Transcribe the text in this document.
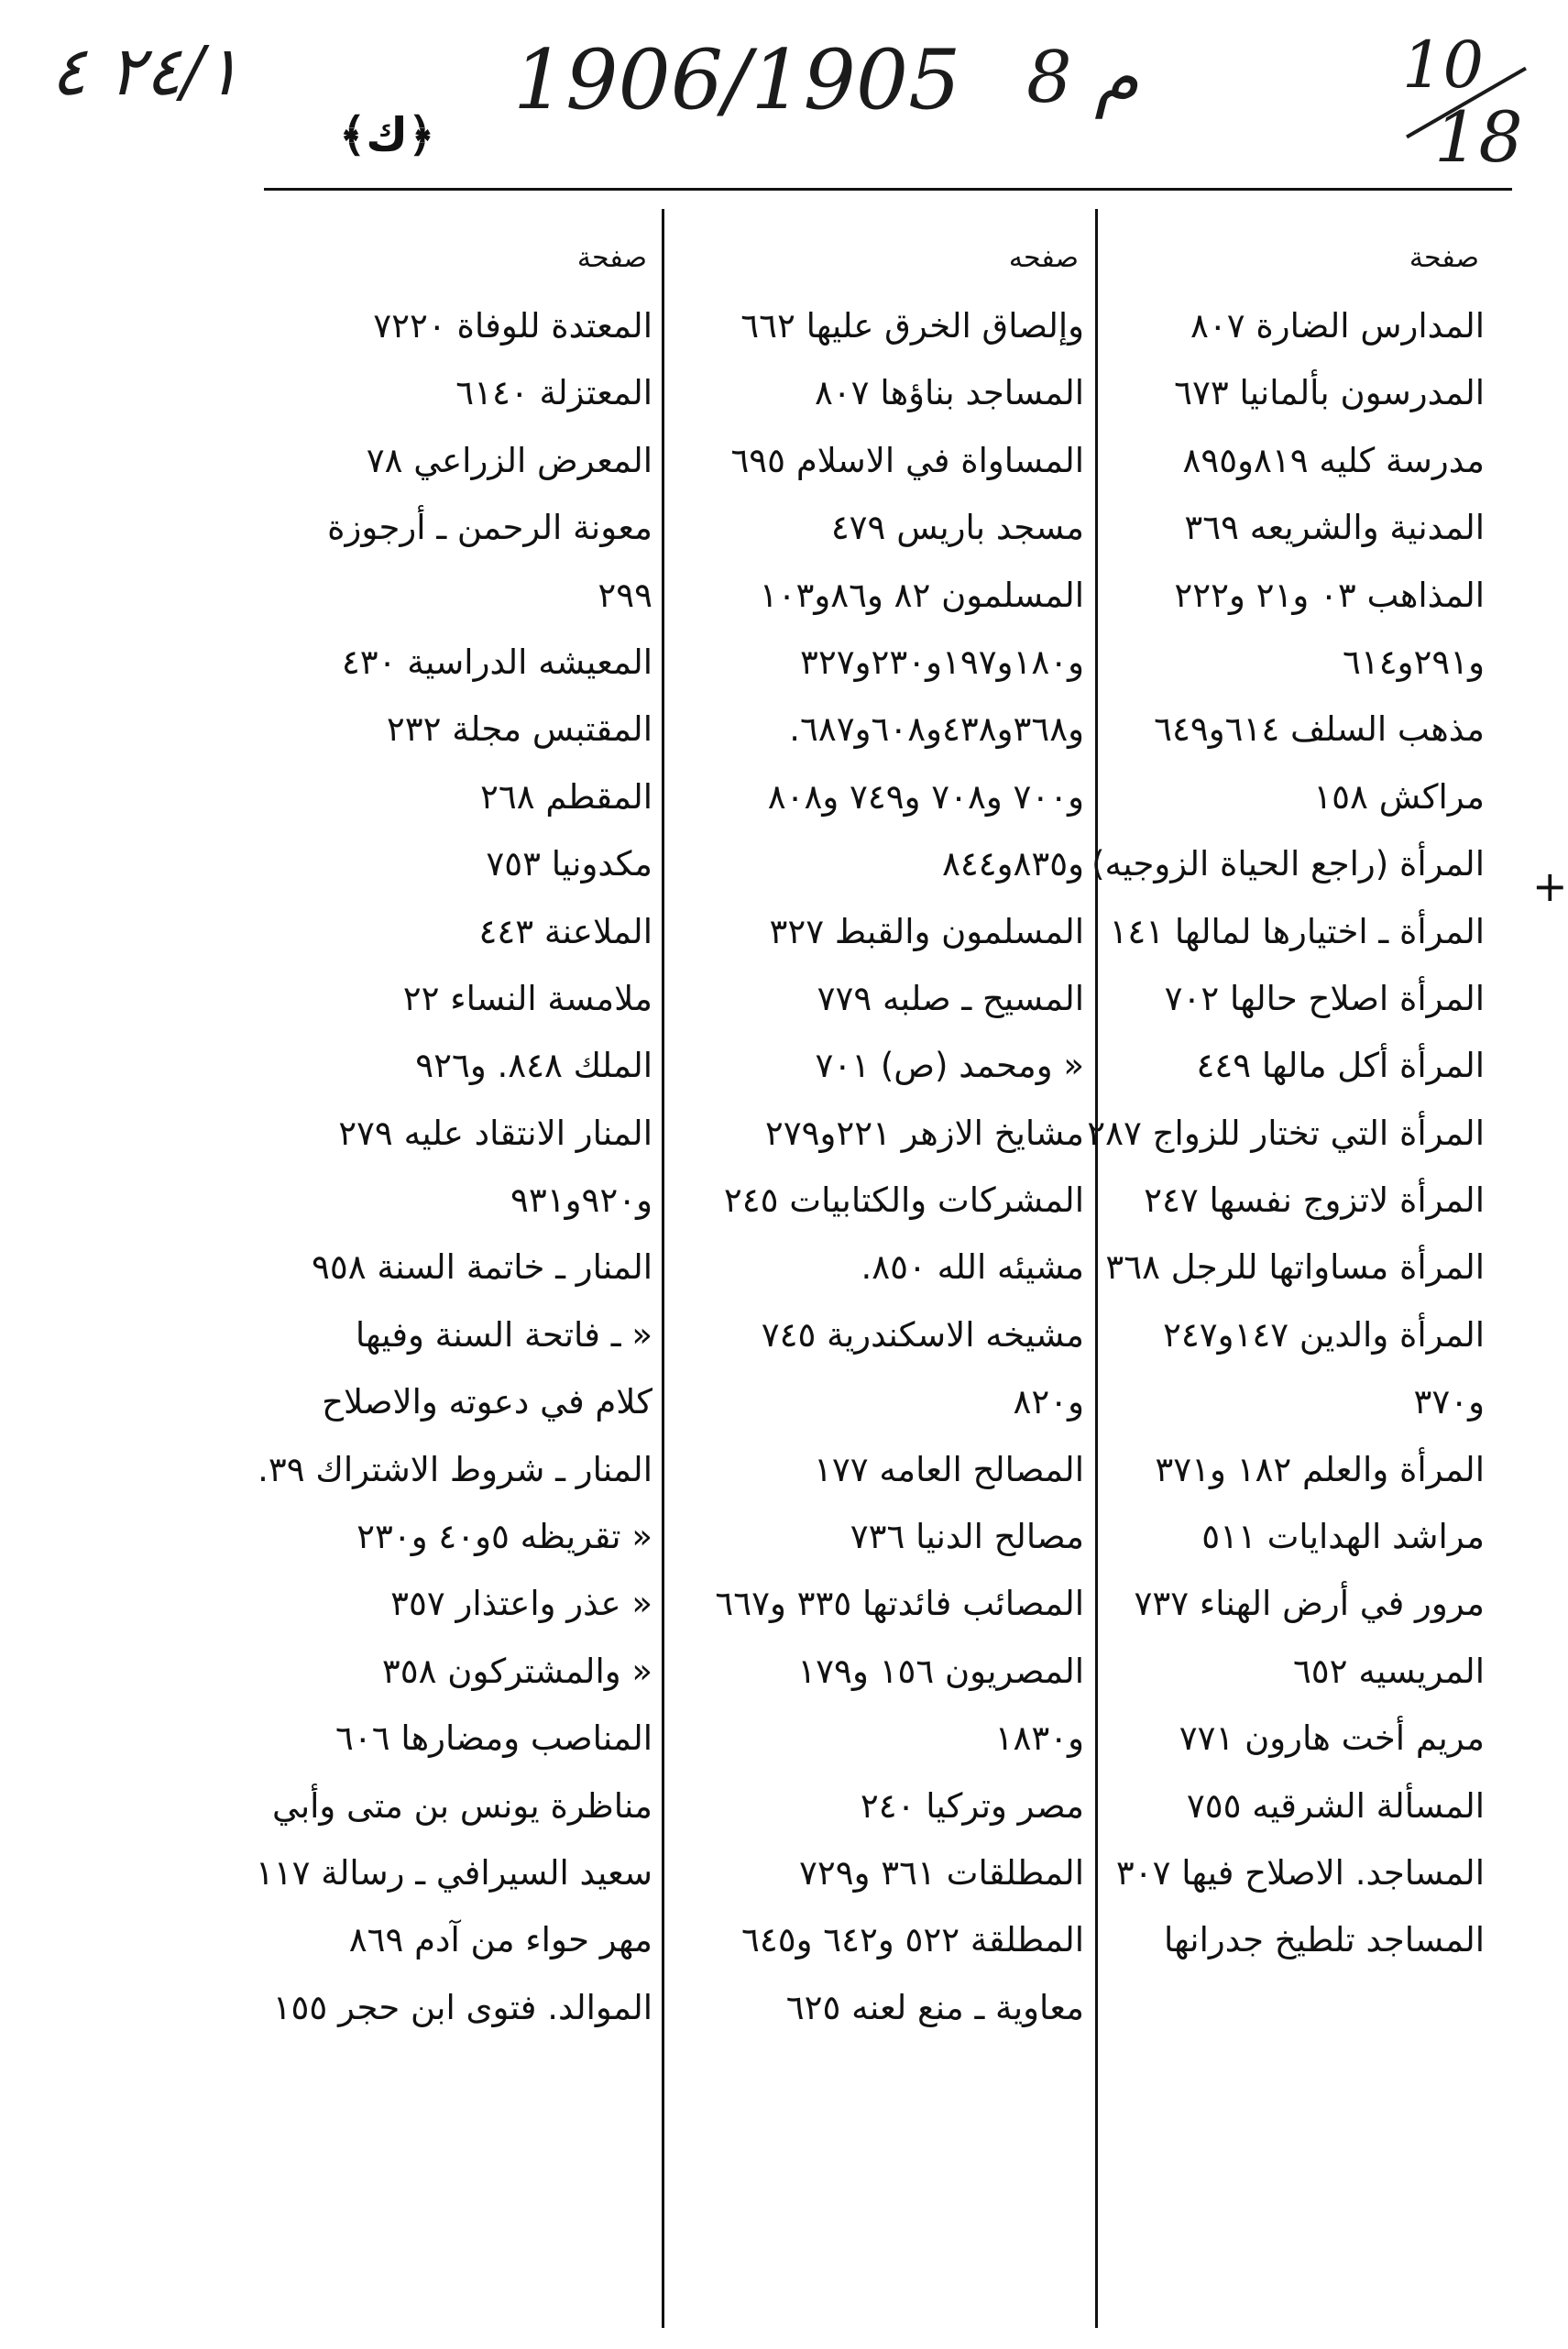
٢٤/١ ٤	1906/1905 م 8	10
18
﴿ك﴾
+
صفحة
المدارس الضارة ٨٠٧
المدرسون بألمانيا ٦٧٣
مدرسة كليه ٨١٩و٨٩٥
المدنية والشريعه ٣٦٩
المذاهب ٠٣ و٢١ و٢٢٢
و٢٩١و٦١٤
مذهب السلف ٦١٤و٦٤٩
مراكش ١٥٨
المرأة (راجع الحياة الزوجيه)
المرأة ـ اختيارها لمالها ١٤١
المرأة اصلاح حالها ٧٠٢
المرأة أكل مالها ٤٤٩
المرأة التي تختار للزواج ٢٨٧
المرأة لاتزوج نفسها ٢٤٧
المرأة مساواتها للرجل ٣٦٨
المرأة والدين ١٤٧و٢٤٧
و٣٧٠
المرأة والعلم ١٨٢ و٣٧١
مراشد الهدايات ٥١١
مرور في أرض الهناء ٧٣٧
المريسيه ٦٥٢
مريم أخت هارون ٧٧١
المسألة الشرقيه ٧٥٥
المساجد. الاصلاح فيها ٣٠٧
المساجد تلطيخ جدرانها
صفحه
وإلصاق الخرق عليها ٦٦٢
المساجد بناؤها ٨٠٧
المساواة في الاسلام ٦٩٥
مسجد باريس ٤٧٩
المسلمون ٨٢ و٨٦و١٠٣
و١٨٠و١٩٧و٢٣٠و٣٢٧
و٣٦٨و٤٣٨و٦٠٨و٦٨٧.
و٧٠٠ و٧٠٨ و٧٤٩ و٨٠٨
و٨٣٥و٨٤٤
المسلمون والقبط ٣٢٧
المسيح ـ صلبه ٧٧٩
« ومحمد (ص) ٧٠١
مشايخ الازهر ٢٢١و٢٧٩
المشركات والكتابيات ٢٤٥
مشيئه الله ٨٥٠.
مشيخه الاسكندرية ٧٤٥
و٨٢٠
المصالح العامه ١٧٧
مصالح الدنيا ٧٣٦
المصائب فائدتها ٣٣٥ و٦٦٧
المصريون ١٥٦ و١٧٩
و١٨٣٠
مصر وتركيا ٢٤٠
المطلقات ٣٦١ و٧٢٩
المطلقة ٥٢٢ و٦٤٢ و٦٤٥
معاوية ـ منع لعنه ٦٢٥
صفحة
المعتدة للوفاة ٧٢٢٠
المعتزلة ٦١٤٠
المعرض الزراعي ٧٨
معونة الرحمن ـ أرجوزة
٢٩٩
المعيشه الدراسية ٤٣٠
المقتبس مجلة ٢٣٢
المقطم ٢٦٨
مكدونيا ٧٥٣
الملاعنة ٤٤٣
ملامسة النساء ٢٢
الملك ٨٤٨. و٩٢٦
المنار الانتقاد عليه ٢٧٩
و٩٢٠و٩٣١
المنار ـ خاتمة السنة ٩٥٨
« ـ فاتحة السنة وفيها
كلام في دعوته والاصلاح
المنار ـ شروط الاشتراك ٣٩.
« تقريظه ٥و٤٠ و٢٣٠
« عذر واعتذار ٣٥٧
« والمشتركون ٣٥٨
المناصب ومضارها ٦٠٦
مناظرة يونس بن متى وأبي
سعيد السيرافي ـ رسالة ١١٧
مهر حواء من آدم ٨٦٩
الموالد. فتوى ابن حجر ١٥٥
